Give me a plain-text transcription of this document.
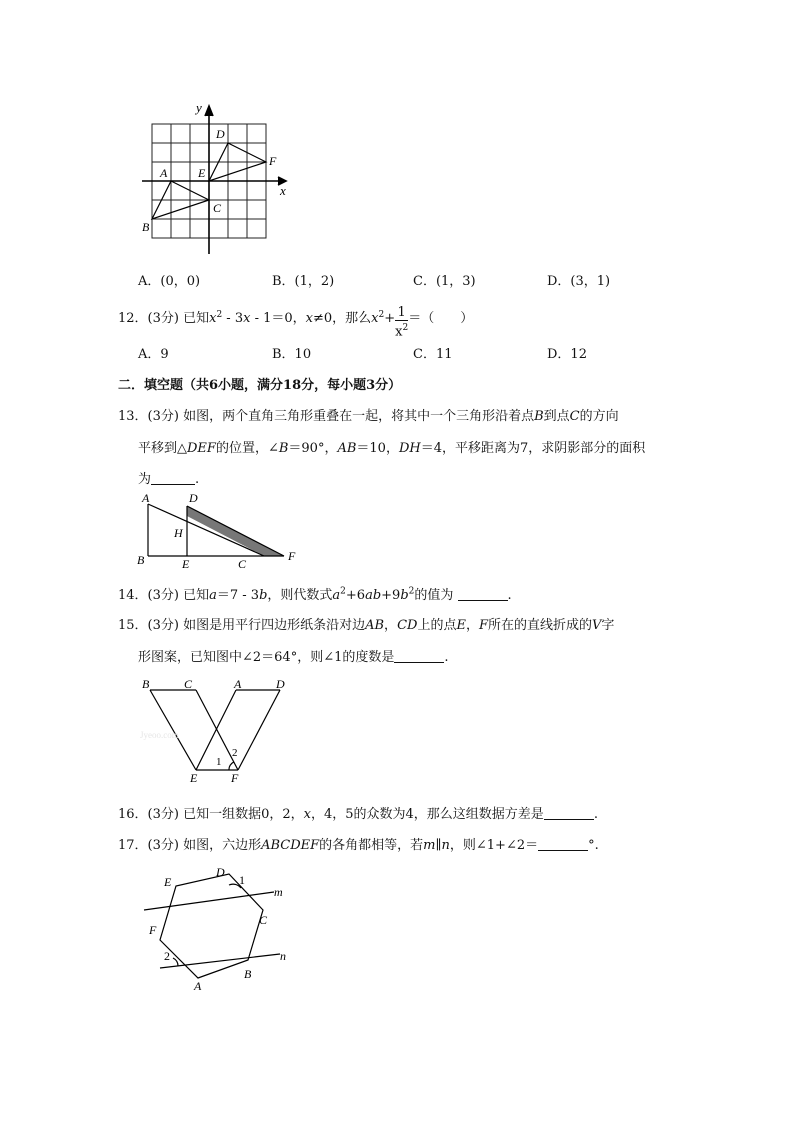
y
x
D
F
A	E
C
B
A．(0，0)	B．(1，2)	C．(1，3)	D．(3，1)
12．(3分) 已知$x^2 - 3x - 1=0$，x≠0，那么$x^2+ \frac{1}{x^2}$ ＝（　　）
A．9	B．10	C．11	D．12
二．填空题（共6小题，满分18分，每小题3分）
13．(3分) 如图，两个直角三角形重叠在一起，将其中一个三角形沿着点B到点C的方向
平移到△DEF的位置，∠B＝90°，AB＝10，DH＝4，平移距离为7，求阴影部分的面积
为	.
A	D
H
B	E	C
F
14．(3分) 已知a＝7 - 3b，则代数式$a^2+6ab+9b^2$的值为	.
15．(3分) 如图是用平行四边形纸条沿对边AB，CD上的点E，F所在的直线折成的V字
形图案，已知图中∠2＝64°，则∠1的度数是	.
B	C	A	D
E	F
1
2
Jyeoo.com
16．(3分) 已知一组数据0，2，x，4，5的众数为4，那么这组数据方差是	.
17．(3分) 如图，六边形ABCDEF的各角都相等，若m∥n，则∠1+∠2＝	°.
D
1
E
m
C
F
2	n
B
A
